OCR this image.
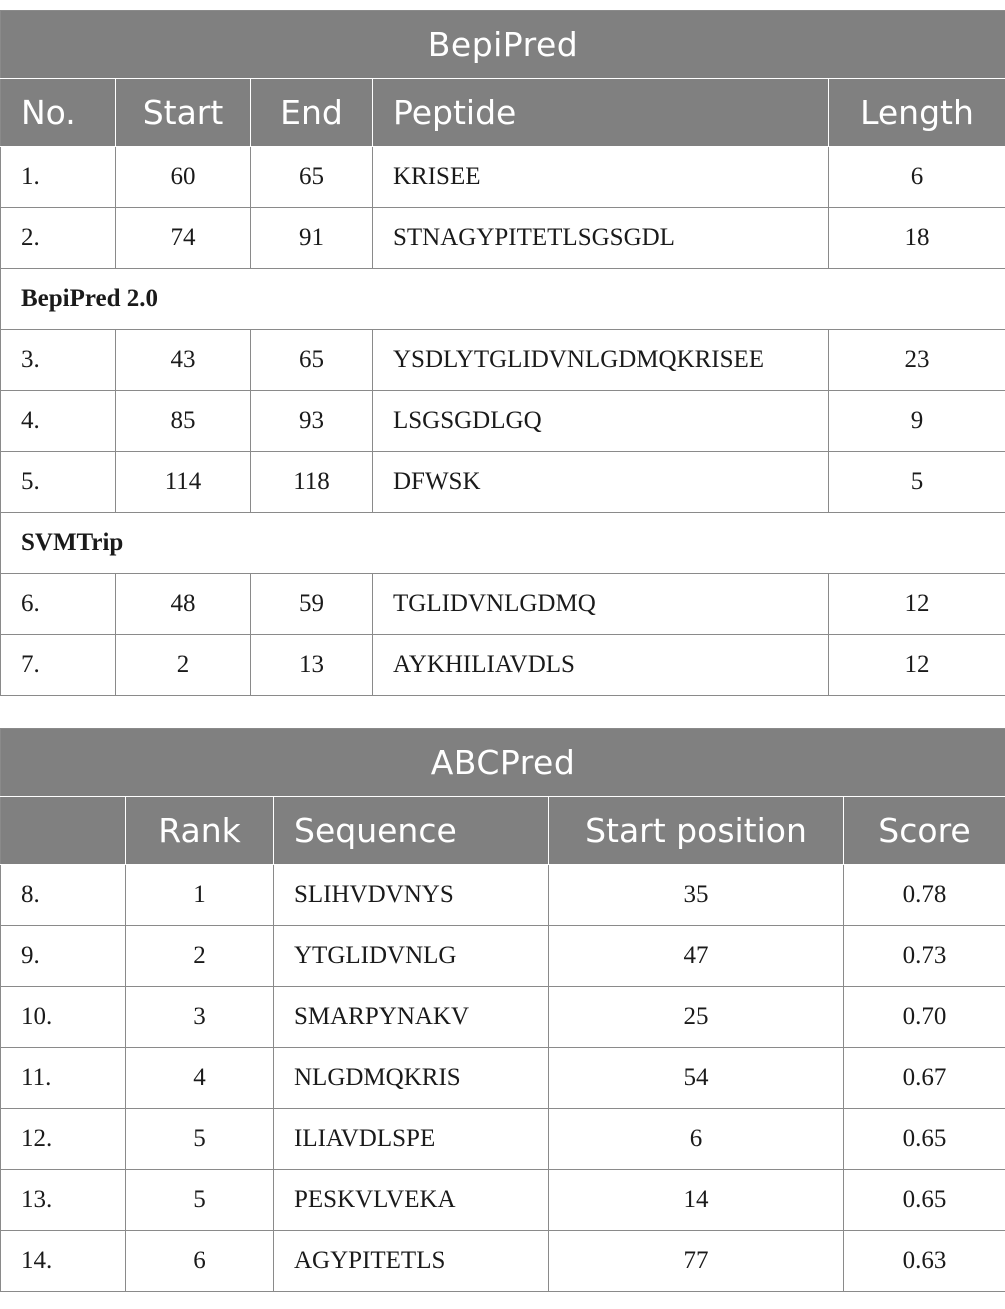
BepiPred				
No.	Start	End	Peptide	Length
1.	60	65	KRISEE	6
2.	74	91	STNAGYPITETLSGSGDL	18
BepiPred 2.0				
3.	43	65	YSDLYTGLIDVNLGDMQKRISEE	23
4.	85	93	LSGSGDLGQ	9
5.	114	118	DFWSK	5
SVMTrip				
6.	48	59	TGLIDVNLGDMQ	12
7.	2	13	AYKHILIAVDLS	12
ABCPred				
	Rank	Sequence	Start position	Score
8.	1	SLIHVDVNYS	35	0.78
9.	2	YTGLIDVNLG	47	0.73
10.	3	SMARPYNAKV	25	0.70
11.	4	NLGDMQKRIS	54	0.67
12.	5	ILIAVDLSPE	6	0.65
13.	5	PESKVLVEKA	14	0.65
14.	6	AGYPITETLS	77	0.63
